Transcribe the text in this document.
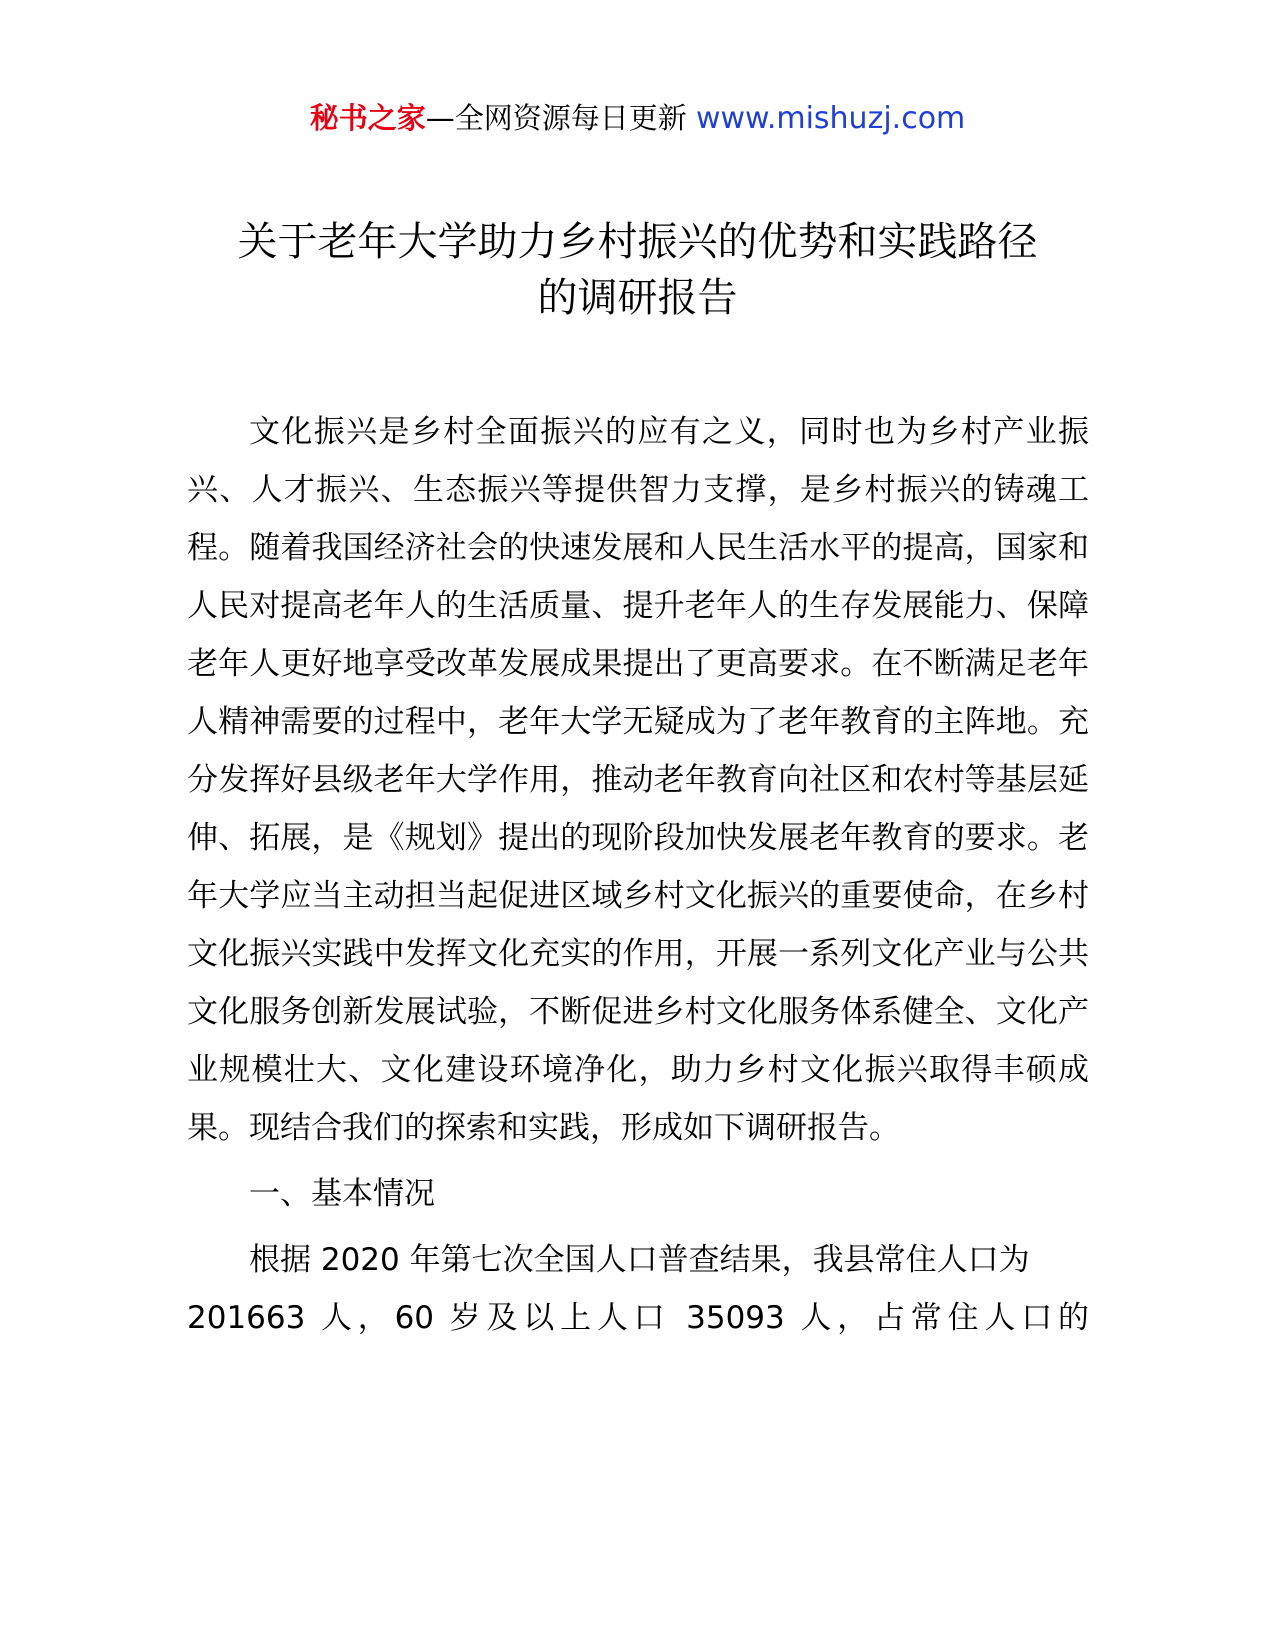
秘书之家—全网资源每日更新 www.mishuzj.com
关于老年大学助力乡村振兴的优势和实践路径
的调研报告

文化振兴是乡村全面振兴的应有之义，同时也为乡村产业振兴、人才振兴、生态振兴等提供智力支撑，是乡村振兴的铸魂工程。随着我国经济社会的快速发展和人民生活水平的提高，国家和人民对提高老年人的生活质量、提升老年人的生存发展能力、保障老年人更好地享受改革发展成果提出了更高要求。在不断满足老年人精神需要的过程中，老年大学无疑成为了老年教育的主阵地。充分发挥好县级老年大学作用，推动老年教育向社区和农村等基层延伸、拓展，是《规划》提出的现阶段加快发展老年教育的要求。老年大学应当主动担当起促进区域乡村文化振兴的重要使命，在乡村文化振兴实践中发挥文化充实的作用，开展一系列文化产业与公共文化服务创新发展试验，不断促进乡村文化服务体系健全、文化产业规模壮大、文化建设环境净化，助力乡村文化振兴取得丰硕成果。现结合我们的探索和实践，形成如下调研报告。

一、基本情况

根据 2020 年第七次全国人口普查结果，我县常住人口为

201663 人，60 岁及以上人口 35093 人，占常住人口的
